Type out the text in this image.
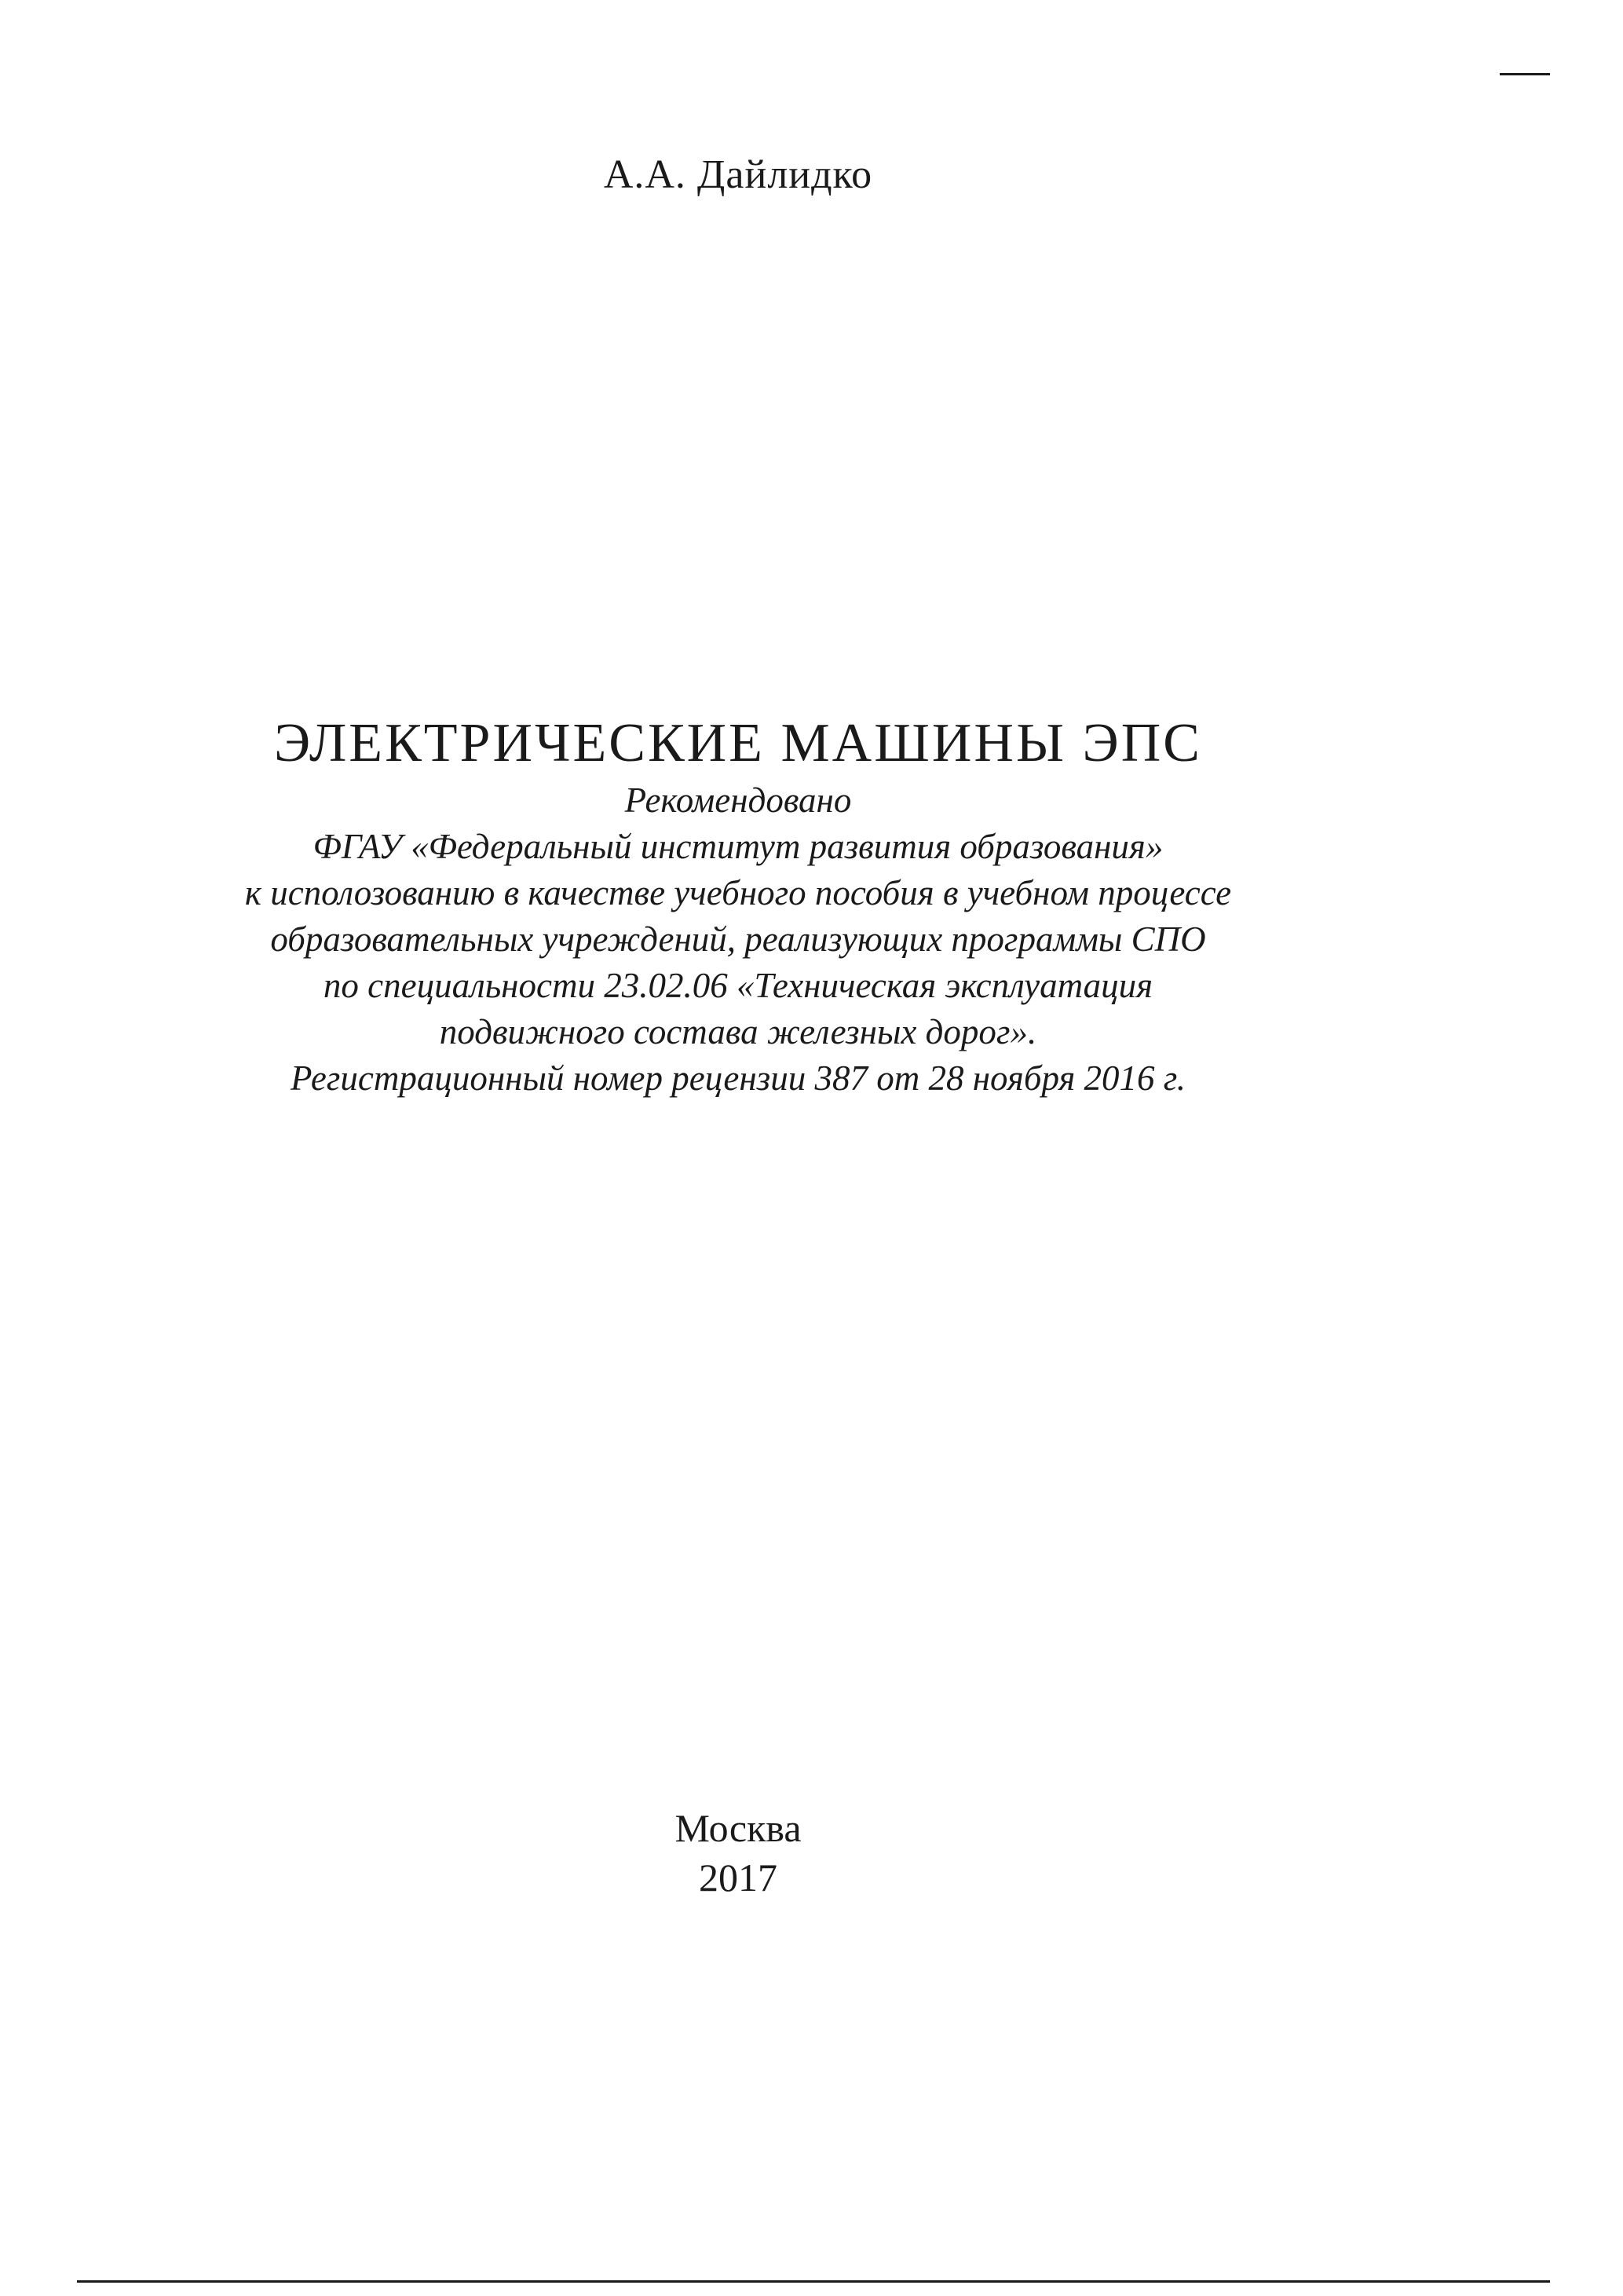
А.А. Дайлидко
ЭЛЕКТРИЧЕСКИЕ МАШИНЫ ЭПС
Рекомендовано
ФГАУ «Федеральный институт развития образования»
к исполозованию в качестве учебного пособия в учебном процессе
образовательных учреждений, реализующих программы СПО
по специальности 23.02.06 «Техническая эксплуатация
подвижного состава железных дорог».
Регистрационный номер рецензии 387 от 28 ноября 2016 г.
Москва
2017
